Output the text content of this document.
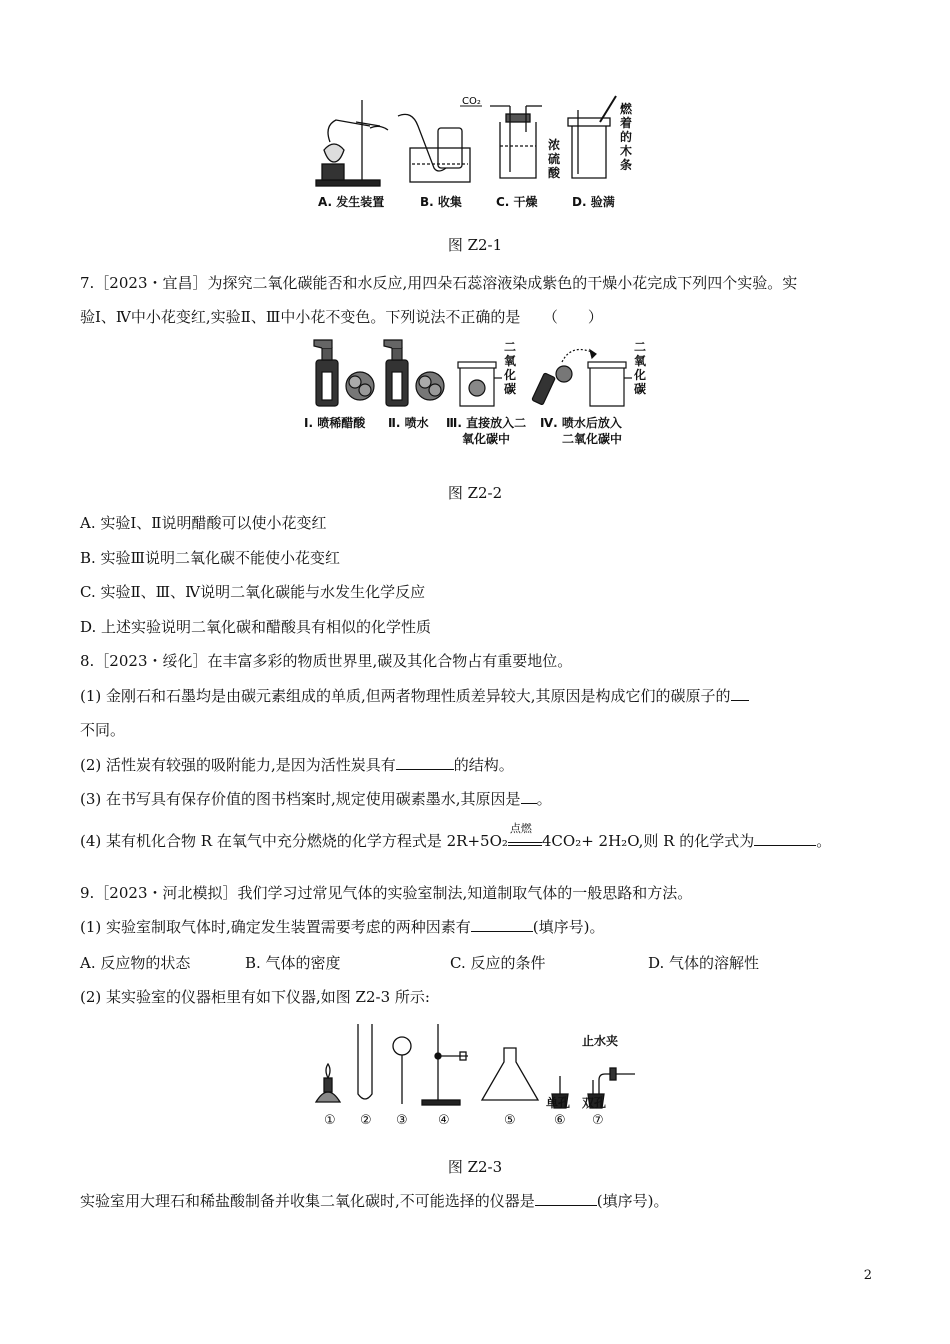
CO₂
浓硫酸
燃着的木条
A. 发生装置	B. 收集	C. 干燥	D. 验满
图 Z2-1
7.［2023・宜昌］为探究二氧化碳能否和水反应,用四朵石蕊溶液染成紫色的干燥小花完成下列四个实验。实
验Ⅰ、Ⅳ中小花变红,实验Ⅱ、Ⅲ中小花不变色。下列说法不正确的是　　（　　）
二氧化碳
二氧化碳
Ⅰ. 喷稀醋酸 Ⅱ. 喷水 Ⅲ. 直接放入二
氧化碳中
Ⅳ. 喷水后放入
二氧化碳中
图 Z2-2
A. 实验Ⅰ、Ⅱ说明醋酸可以使小花变红
B. 实验Ⅲ说明二氧化碳不能使小花变红
C. 实验Ⅱ、Ⅲ、Ⅳ说明二氧化碳能与水发生化学反应
D. 上述实验说明二氧化碳和醋酸具有相似的化学性质
8.［2023・绥化］在丰富多彩的物质世界里,碳及其化合物占有重要地位。
(1) 金刚石和石墨均是由碳元素组成的单质,但两者物理性质差异较大,其原因是构成它们的碳原子的
不同。
(2) 活性炭有较强的吸附能力,是因为活性炭具有	的结构。
(3) 在书写具有保存价值的图书档案时,规定使用碳素墨水,其原因是 。
(4) 某有机化合物 R 在氧气中充分燃烧的化学方程式是 2R+5O₂
点燃
4CO₂+ 2H₂O,则 R 的化学式为	。
9.［2023・河北模拟］我们学习过常见气体的实验室制法,知道制取气体的一般思路和方法。
(1) 实验室制取气体时,确定发生装置需要考虑的两种因素有	(填序号)。
A. 反应物的状态	B. 气体的密度	C. 反应的条件	D. 气体的溶解性
(2) 某实验室的仪器柜里有如下仪器,如图 Z2-3 所示:
① ② ③ ④	⑤	⑥ ⑦
单孔 双孔
止水夹
图 Z2-3
实验室用大理石和稀盐酸制备并收集二氧化碳时,不可能选择的仪器是	(填序号)。
2
